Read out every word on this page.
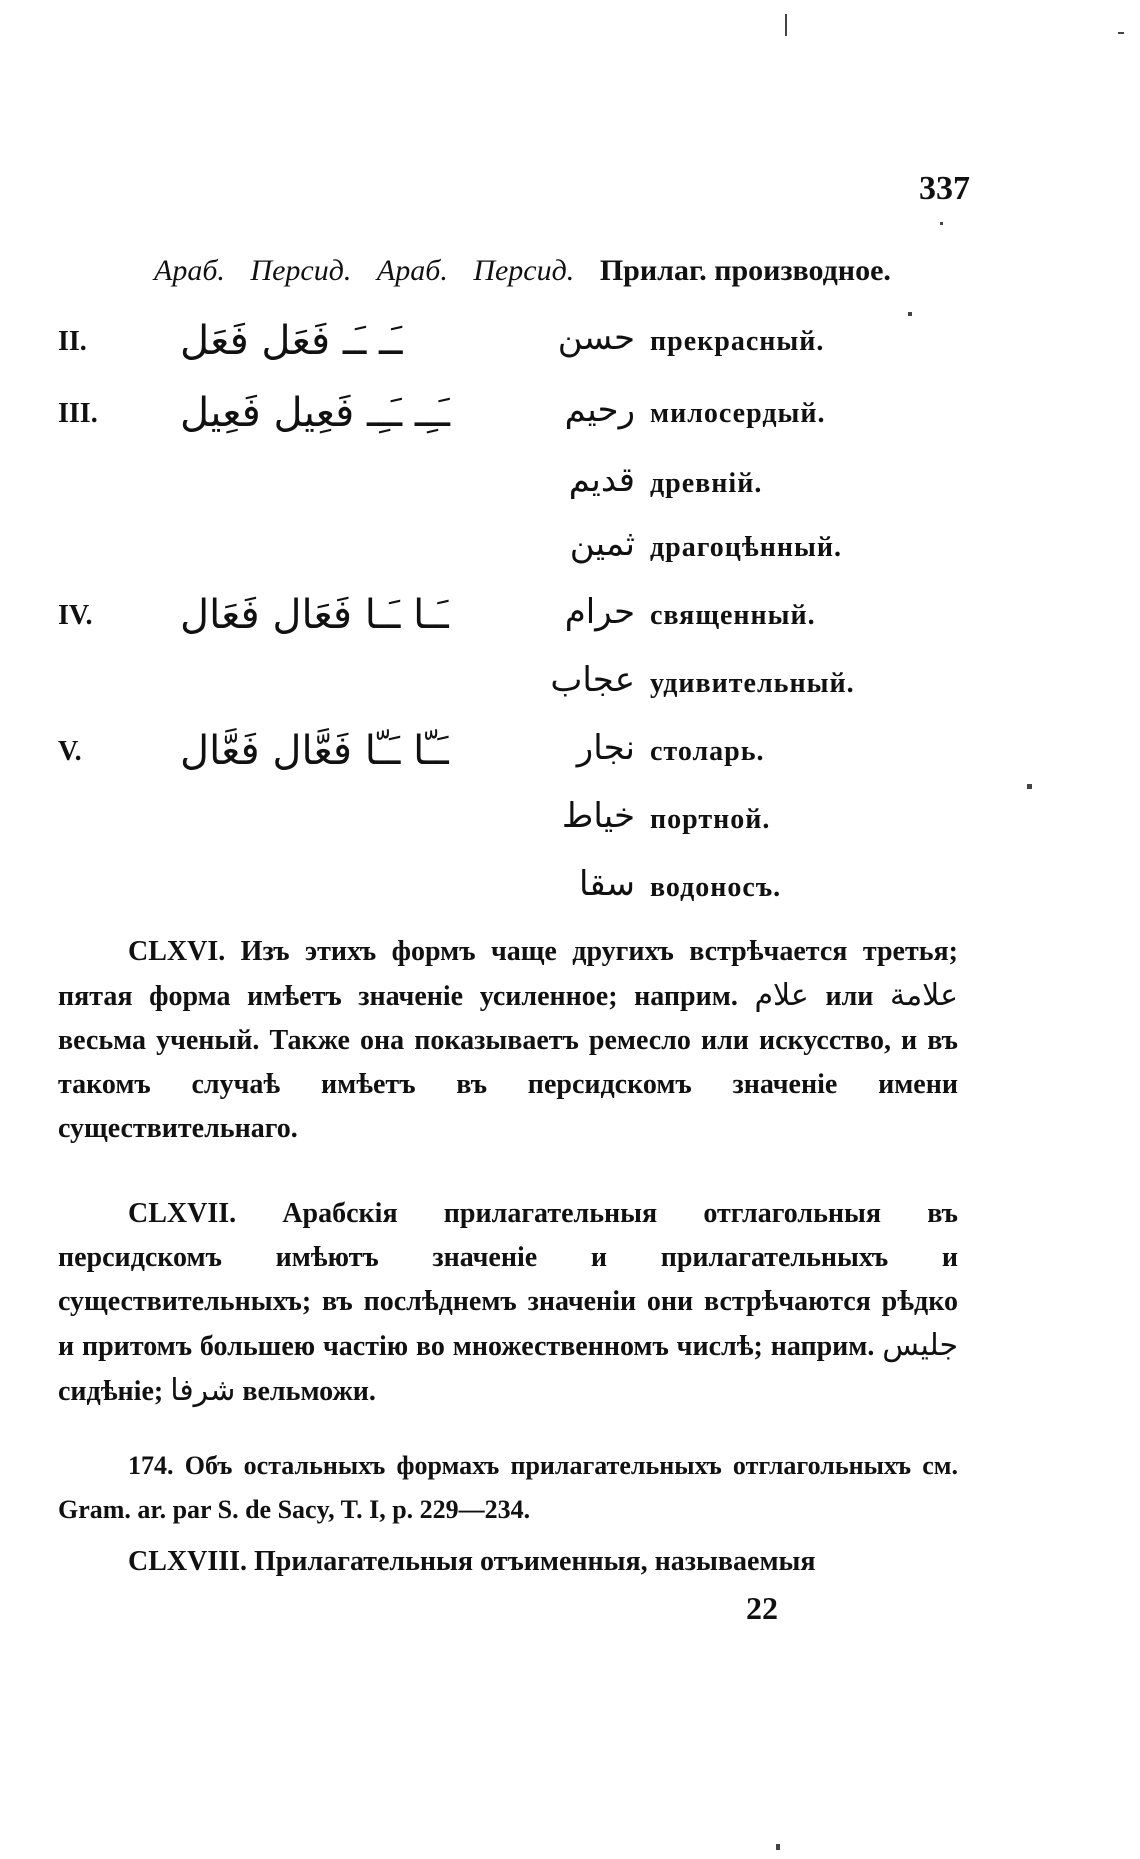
337
Араб. Персид. Араб. Персид. Прилаг. производное.
II. ـَـ ـَـ فَعَل فَعَل	حسن прекрасный.
III. ـَـِـ ـَـِـ فَعِيل فَعِيل	رحيم милосердый.
قديم древній.
ثمين драгоцѣнный.
IV. ـَـا ـَـا فَعَال فَعَال	حرام священный.
عجاب удивительный.
V. ـَـّا ـَـّا فَعَّال فَعَّال	نجار столарь.
خياط портной.
سقا водоносъ.
CLXVI. Изъ этихъ формъ чаще другихъ встрѣчается третья; пятая форма имѣетъ значеніе усиленное; наприм. علام или علامة весьма ученый. Также она показываетъ ремесло или искусство, и въ такомъ случаѣ имѣетъ въ персидскомъ значеніе имени существительнаго.
CLXVII. Арабскія прилагательныя отглагольныя въ персидскомъ имѣютъ значеніе и прилагательныхъ и существительныхъ; въ послѣднемъ значеніи они встрѣчаются рѣдко и притомъ большею частію во множественномъ числѣ; наприм. جليس сидѣніе; شرفا вельможи.
174. Объ остальныхъ формахъ прилагательныхъ отглагольныхъ см. Gram. ar. par S. de Sacy, T. I, p. 229—234.
CLXVIII. Прилагательныя отъименныя, называемыя
22
